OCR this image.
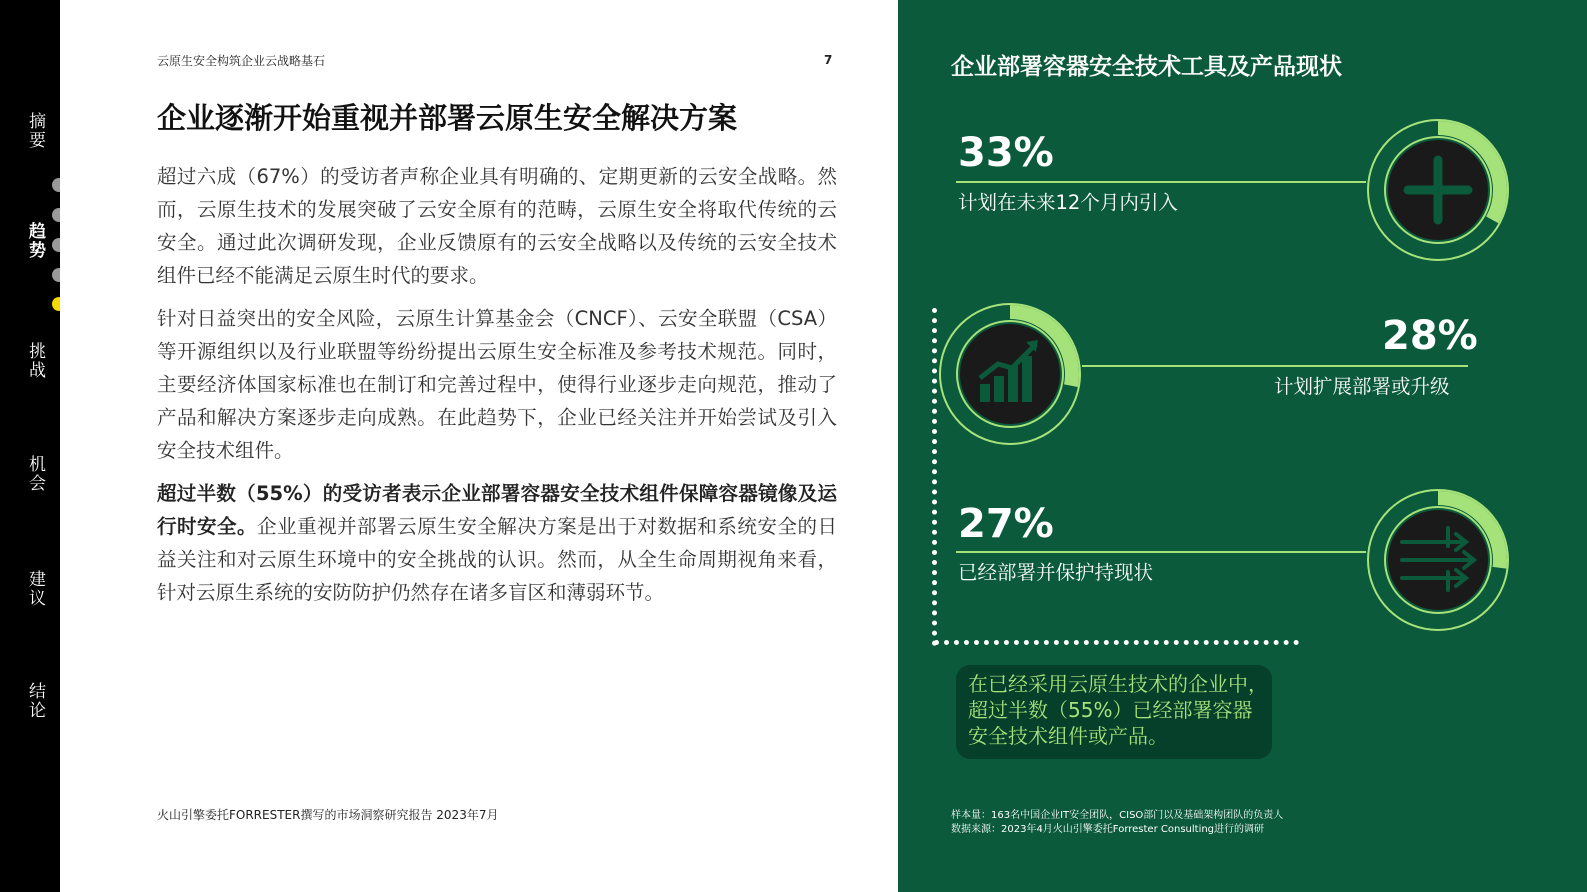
摘要
趋势
挑战
机会
建议
结论
云原生安全构筑企业云战略基石	7
企业逐渐开始重视并部署云原生安全解决方案

超过六成（67%）的受访者声称企业具有明确的、定期更新的云安全战略。然而，云原生技术的发展突破了云安全原有的范畴，云原生安全将取代传统的云安全。通过此次调研发现，企业反馈原有的云安全战略以及传统的云安全技术组件已经不能满足云原生时代的要求。

针对日益突出的安全风险，云原生计算基金会（CNCF）、云安全联盟（CSA）等开源组织以及行业联盟等纷纷提出云原生安全标准及参考技术规范。同时，主要经济体国家标准也在制订和完善过程中，使得行业逐步走向规范，推动了产品和解决方案逐步走向成熟。在此趋势下，企业已经关注并开始尝试及引入安全技术组件。

超过半数（55%）的受访者表示企业部署容器安全技术组件保障容器镜像及运行时安全。企业重视并部署云原生安全解决方案是出于对数据和系统安全的日益关注和对云原生环境中的安全挑战的认识。然而，从全生命周期视角来看，针对云原生系统的安防防护仍然存在诸多盲区和薄弱环节。

火山引擎委托FORRESTER撰写的市场洞察研究报告 2023年7月
企业部署容器安全技术工具及产品现状
33%
计划在未来12个月内引入
28%
计划扩展部署或升级
27%
已经部署并保护持现状
在已经采用云原生技术的企业中，
超过半数（55%）已经部署容器
安全技术组件或产品。
样本量：163名中国企业IT安全团队，CISO部门以及基础架构团队的负责人
数据来源：2023年4月火山引擎委托Forrester Consulting进行的调研
